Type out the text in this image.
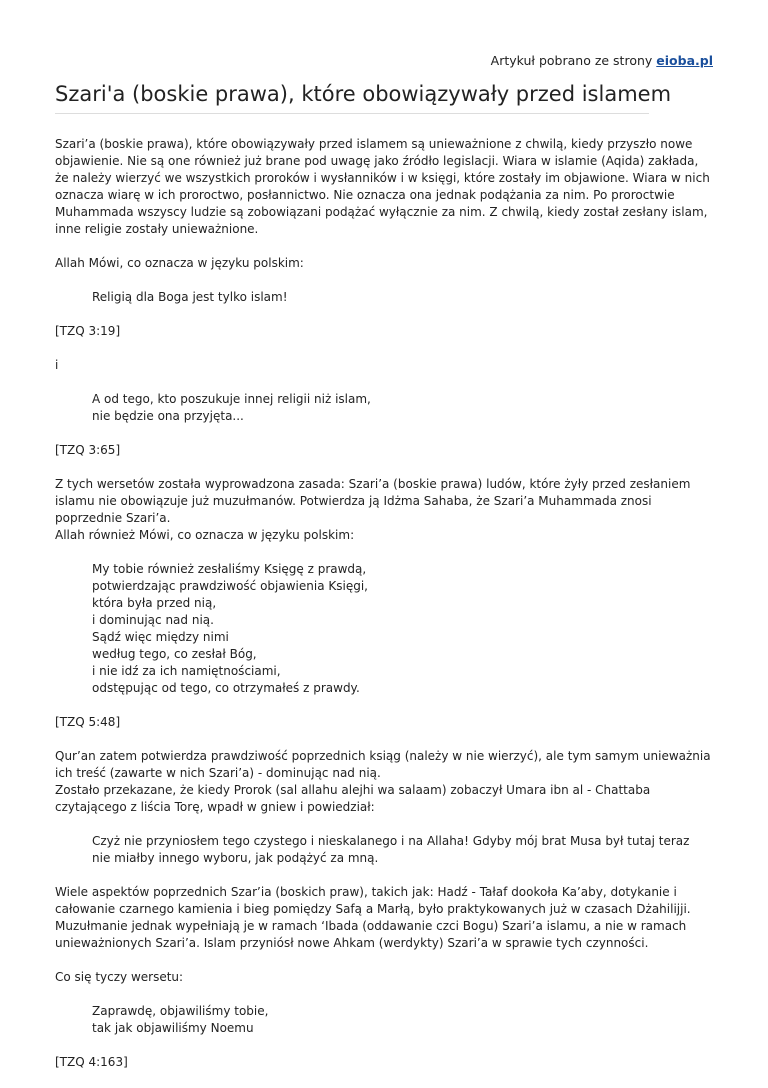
Artykuł pobrano ze strony eioba.pl
Szari'a (boskie prawa), które obowiązywały przed islamem

Szari’a (boskie prawa), które obowiązywały przed islamem są unieważnione z chwilą, kiedy przyszło nowe objawienie. Nie są one również już brane pod uwagę jako źródło legislacji. Wiara w islamie (Aqida) zakłada, że należy wierzyć we wszystkich proroków i wysłanników i w księgi, które zostały im objawione. Wiara w nich oznacza wiarę w ich proroctwo, posłannictwo. Nie oznacza ona jednak podążania za nim. Po proroctwie Muhammada wszyscy ludzie są zobowiązani podążać wyłącznie za nim. Z chwilą, kiedy został zesłany islam, inne religie zostały unieważnione.

Allah Mówi, co oznacza w języku polskim:

Religią dla Boga jest tylko islam!

[TZQ 3:19]

i

A od tego, kto poszukuje innej religii niż islam,
nie będzie ona przyjęta...

[TZQ 3:65]

Z tych wersetów została wyprowadzona zasada: Szari’a (boskie prawa) ludów, które żyły przed zesłaniem islamu nie obowiązuje już muzułmanów. Potwierdza ją Idżma Sahaba, że Szari’a Muhammada znosi poprzednie Szari’a.
Allah również Mówi, co oznacza w języku polskim:

My tobie również zesłaliśmy Księgę z prawdą,
potwierdzając prawdziwość objawienia Księgi,
która była przed nią,
i dominując nad nią.
Sądź więc między nimi
według tego, co zesłał Bóg,
i nie idź za ich namiętnościami,
odstępując od tego, co otrzymałeś z prawdy.

[TZQ 5:48]

Qur’an zatem potwierdza prawdziwość poprzednich ksiąg (należy w nie wierzyć), ale tym samym unieważnia ich treść (zawarte w nich Szari’a) - dominując nad nią.
Zostało przekazane, że kiedy Prorok (sal allahu alejhi wa salaam) zobaczył Umara ibn al - Chattaba czytającego z liścia Torę, wpadł w gniew i powiedział:

Czyż nie przyniosłem tego czystego i nieskalanego i na Allaha! Gdyby mój brat Musa był tutaj teraz
nie miałby innego wyboru, jak podążyć za mną.

Wiele aspektów poprzednich Szar’ia (boskich praw), takich jak: Hadź - Tałaf dookoła Ka’aby, dotykanie i całowanie czarnego kamienia i bieg pomiędzy Safą a Marłą, było praktykowanych już w czasach Dżahilijji. Muzułmanie jednak wypełniają je w ramach ‘Ibada (oddawanie czci Bogu) Szari’a islamu, a nie w ramach unieważnionych Szari’a. Islam przyniósł nowe Ahkam (werdykty) Szari’a w sprawie tych czynności.

Co się tyczy wersetu:

Zaprawdę, objawiliśmy tobie,
tak jak objawiliśmy Noemu

[TZQ 4:163]
